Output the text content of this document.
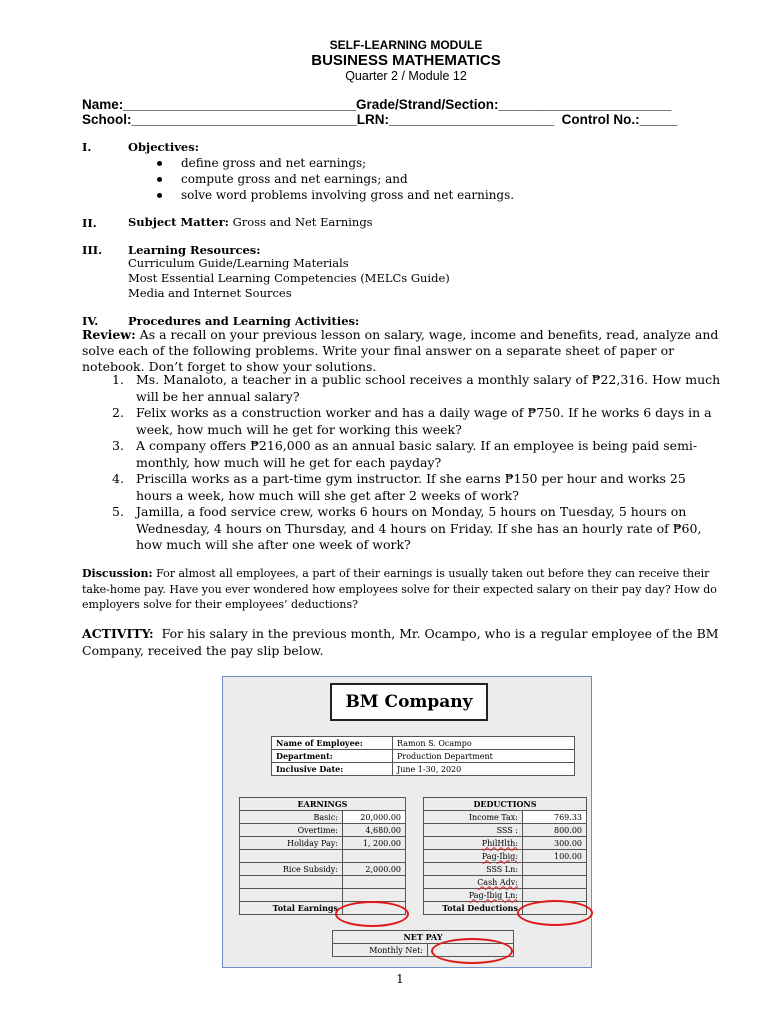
SELF-LEARNING MODULE
BUSINESS MATHEMATICS
Quarter 2 / Module 12
Name:_______________________________Grade/Strand/Section:_______________________
School:______________________________LRN:______________________  Control No.:_____
I.	Objectives:
define gross and net earnings;
compute gross and net earnings; and
solve word problems involving gross and net earnings.
II.	Subject Matter: Gross and Net Earnings
III. Learning Resources:
Curriculum Guide/Learning Materials
Most Essential Learning Competencies (MELCs Guide)
Media and Internet Sources
IV.	Procedures and Learning Activities:
Review: As a recall on your previous lesson on salary, wage, income and benefits, read, analyze and solve each of the following problems. Write your final answer on a separate sheet of paper or notebook. Don’t forget to show your solutions.
1. Ms. Manaloto, a teacher in a public school receives a monthly salary of ₱22,316. How much will be her annual salary?
2. Felix works as a construction worker and has a daily wage of ₱750. If he works 6 days in a week, how much will he get for working this week?
3. A company offers ₱216,000 as an annual basic salary. If an employee is being paid semi-monthly, how much will he get for each payday?
4. Priscilla works as a part-time gym instructor. If she earns ₱150 per hour and works 25 hours a week, how much will she get after 2 weeks of work?
5. Jamilla, a food service crew, works 6 hours on Monday, 5 hours on Tuesday, 5 hours on Wednesday, 4 hours on Thursday, and 4 hours on Friday. If she has an hourly rate of ₱60, how much will she after one week of work?
Discussion: For almost all employees, a part of their earnings is usually taken out before they can receive their take-home pay. Have you ever wondered how employees solve for their expected salary on their pay day? How do employers solve for their employees’ deductions?
ACTIVITY: For his salary in the previous month, Mr. Ocampo, who is a regular employee of the BM Company, received the pay slip below.
BM Company
Name of Employee:	Ramon S. Ocampo
Department:	Production Department
Inclusive Date:	June 1-30, 2020
EARNINGS	
Basic:	20,000.00
Overtime:	4,680.00
Holiday Pay:	1, 200.00

Rice Subsidy:	2,000.00

Total Earnings	
DEDUCTIONS	
Income Tax:	769.33
SSS :	800.00
PhilHlth:	300.00
Pag-Ibig:	100.00
SSS Ln:	
Cash Adv:	
Pag-Ibig Ln:	
Total Deductions	
NET PAY
Monthly Net:	
1
